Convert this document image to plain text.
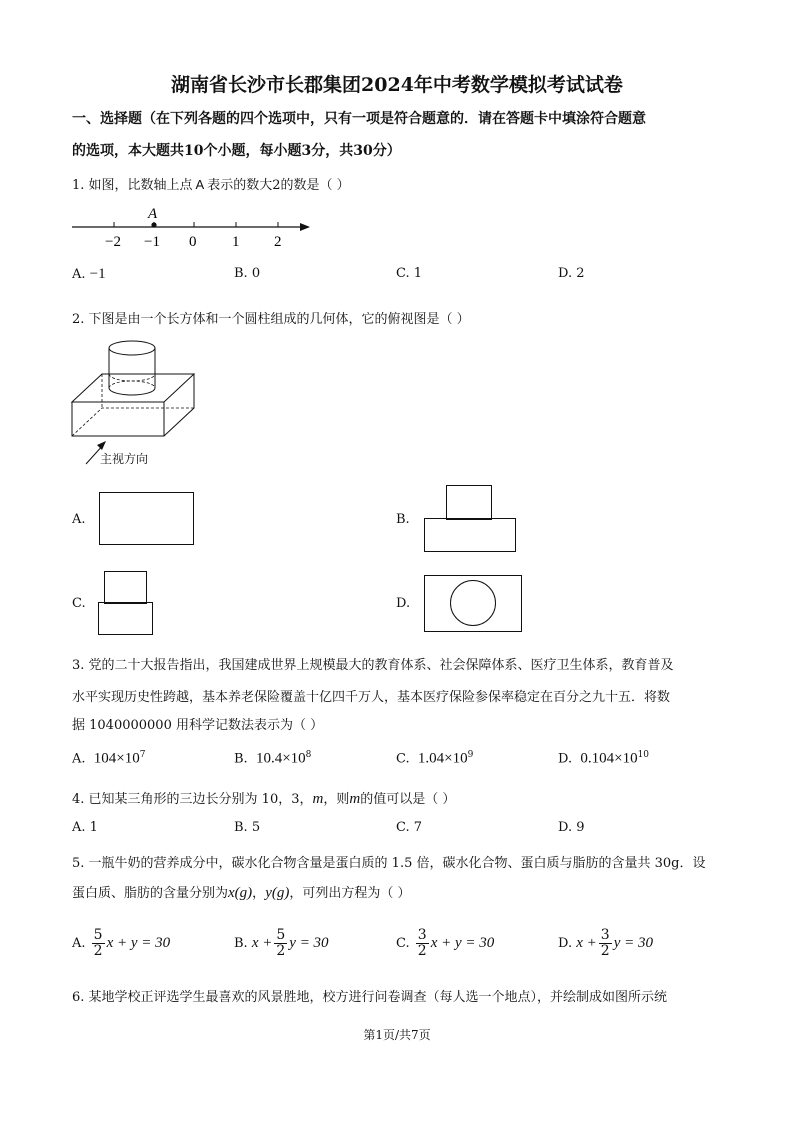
湖南省长沙市长郡集团2024年中考数学模拟考试试卷
一、选择题（在下列各题的四个选项中，只有一项是符合题意的．请在答题卡中填涂符合题意
的选项，本大题共10个小题，每小题3分，共30分）
1. 如图，比数轴上点 A 表示的数大2的数是（ ）
A
−2 −1 0 1 2
A. −1	B. 0	C. 1	D. 2
2. 下图是由一个长方体和一个圆柱组成的几何体，它的俯视图是（ ）
主视方向
A.	B.
C.	D.
3. 党的二十大报告指出，我国建成世界上规模最大的教育体系、社会保障体系、医疗卫生体系，教育普及
水平实现历史性跨越，基本养老保险覆盖十亿四千万人，基本医疗保险参保率稳定在百分之九十五．将数
据 1040000000 用科学记数法表示为（ ）
A. $104\times 10^7$	B. $10.4\times 10^8$	C. $1.04\times 10^9$	D. $0.104\times 10^{10}$
4. 已知某三角形的三边长分别为 10，3，m，则m的值可以是（ ）
A. 1	B. 5	C. 7	D. 9
5. 一瓶牛奶的营养成分中，碳水化合物含量是蛋白质的 1.5 倍，碳水化合物、蛋白质与脂肪的含量共 30g．设
蛋白质、脂肪的含量分别为x(g)，y(g)，可列出方程为（ ）
A. $\frac{5}{2}$ x + y = 30	B. $x + \frac{5}{2}$ y = 30	C. $\frac{3}{2}$ x + y = 30	D. $x + \frac{3}{2}$ y = 30
6. 某地学校正评选学生最喜欢的风景胜地，校方进行问卷调查（每人选一个地点），并绘制成如图所示统
第1页/共7页
